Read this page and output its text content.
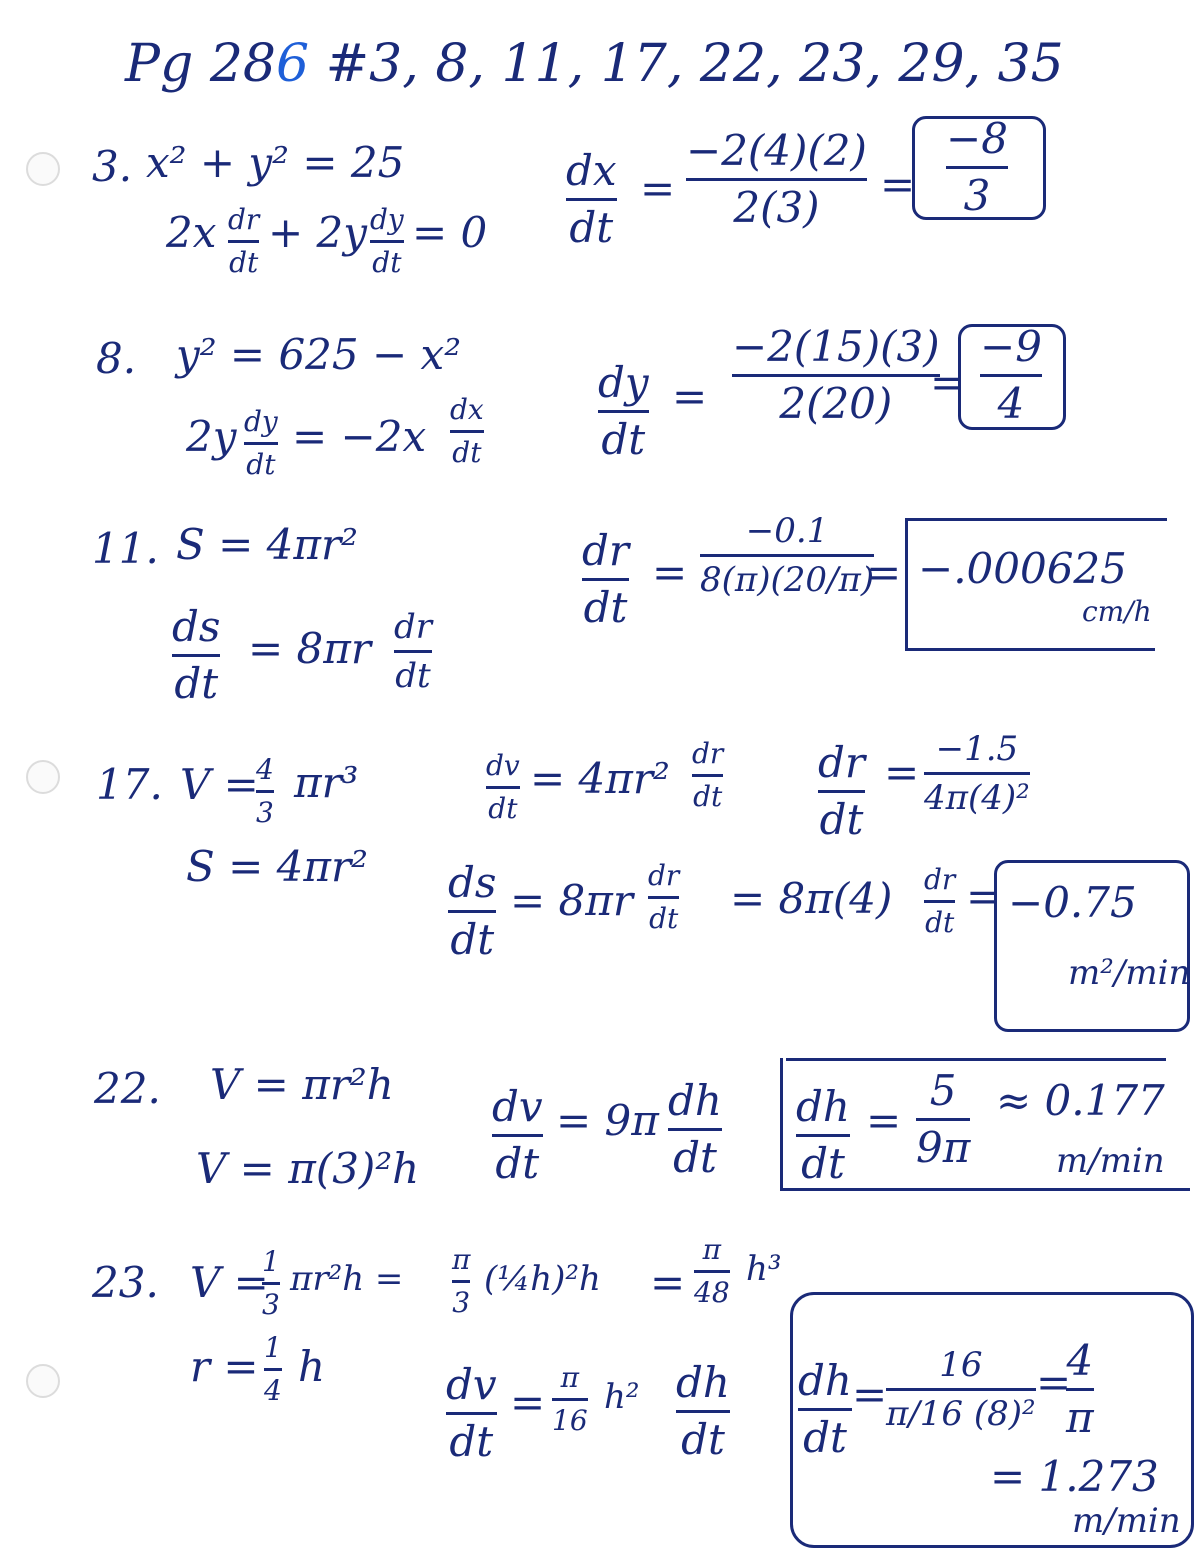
Pg 286 #3, 8, 11, 17, 22, 23, 29, 35
3. x² + y² = 25
2x dr
dt
+ 2y dy
dt
= 0
dx
dt
=
−2(4)(2)
2(3) =
−8
3
8. y² = 625 − x²
2y dy
dt
= −2x
dx
dt
dy
dt
=
−2(15)(3)
2(20) =
−9
4
11. S = 4πr²
ds
dt
= 8πr dr
dt
dr
dt
=
−0.1
8(π)(20/π)
= −.000625
cm/h
17. V =
4
3
πr³
S = 4πr²
dv
dt
= 4πr²
dr
dt
dr
dt
= −1.5
4π(4)²
ds
dt
= 8πr
dr
dt = 8π(4) dr
dt
= −0.75
m²/min
22. V = πr²h
V = π(3)²h
dv
dt
= 9π dh
dt
dh
dt
=
5
9π
≈ 0.177
m/min
23. V =
1
3
πr²h = π
3
(¼h)²h =
π
48
h³
r = 1
4 h	dv
dt
=
π
16
h² dh
dt
dh
dt
=
16
π/16 (8)²
=
4
π
= 1.273
m/min
